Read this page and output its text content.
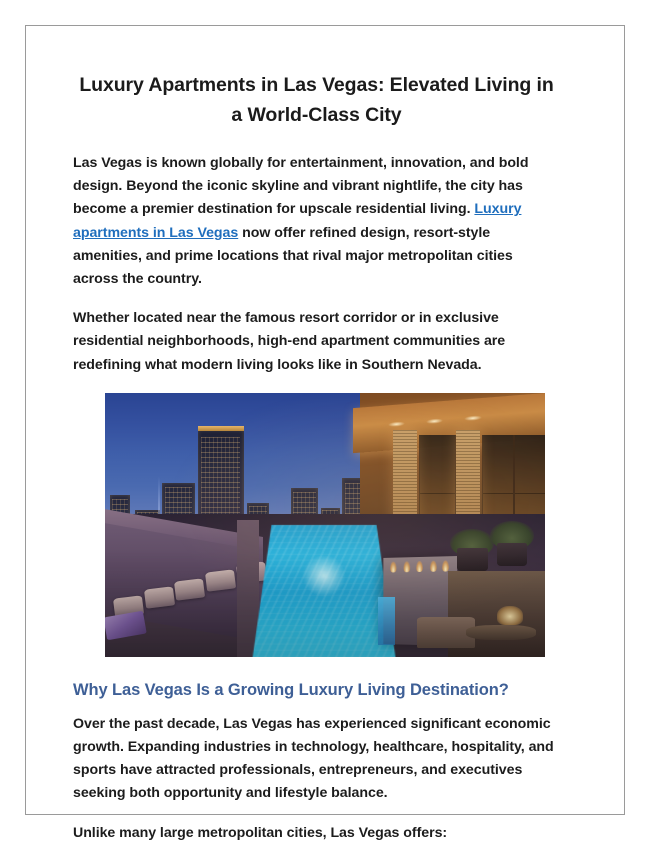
Luxury Apartments in Las Vegas: Elevated Living in a World-Class City

Las Vegas is known globally for entertainment, innovation, and bold design. Beyond the iconic skyline and vibrant nightlife, the city has become a premier destination for upscale residential living. Luxury apartments in Las Vegas now offer refined design, resort-style amenities, and prime locations that rival major metropolitan cities across the country.

Whether located near the famous resort corridor or in exclusive residential neighborhoods, high-end apartment communities are redefining what modern living looks like in Southern Nevada.

Why Las Vegas Is a Growing Luxury Living Destination?

Over the past decade, Las Vegas has experienced significant economic growth. Expanding industries in technology, healthcare, hospitality, and sports have attracted professionals, entrepreneurs, and executives seeking both opportunity and lifestyle balance.

Unlike many large metropolitan cities, Las Vegas offers:
